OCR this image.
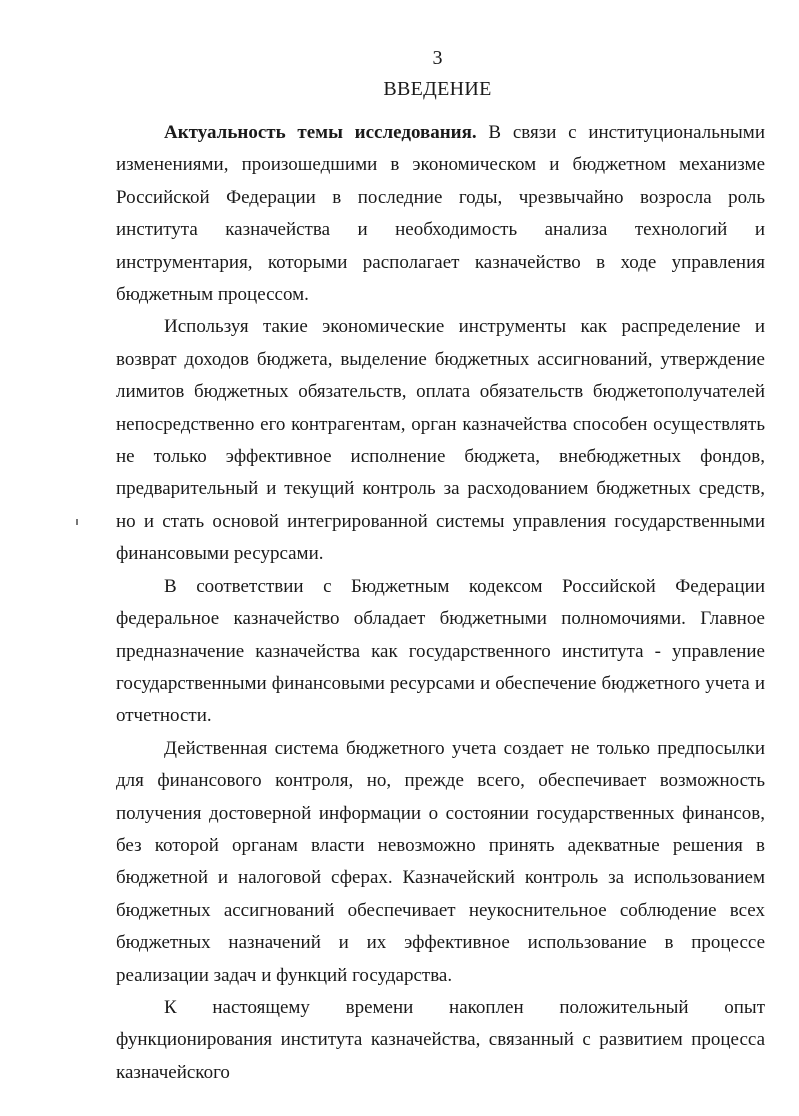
3
ВВЕДЕНИЕ

Актуальность темы исследования. В связи с институциональными изменениями, произошедшими в экономическом и бюджетном механизме Российской Федерации в последние годы, чрезвычайно возросла роль института казначейства и необходимость анализа технологий и инструментария, которыми располагает казначейство в ходе управления бюджетным процессом.

Используя такие экономические инструменты как распределение и возврат доходов бюджета, выделение бюджетных ассигнований, утверждение лимитов бюджетных обязательств, оплата обязательств бюджетополучателей непосредственно его контрагентам, орган казначейства способен осуществлять не только эффективное исполнение бюджета, внебюджетных фондов, предварительный и текущий контроль за расходованием бюджетных средств, но и стать основой интегрированной системы управления государственными финансовыми ресурсами.

В соответствии с Бюджетным кодексом Российской Федерации федеральное казначейство обладает бюджетными полномочиями. Главное предназначение казначейства как государственного института - управление государственными финансовыми ресурсами и обеспечение бюджетного учета и отчетности.

Действенная система бюджетного учета создает не только предпосылки для финансового контроля, но, прежде всего, обеспечивает возможность получения достоверной информации о состоянии государственных финансов, без которой органам власти невозможно принять адекватные решения в бюджетной и налоговой сферах. Казначейский контроль за использованием бюджетных ассигнований обеспечивает неукоснительное соблюдение всех бюджетных назначений и их эффективное использование в процессе реализации задач и функций государства.

К настоящему времени накоплен положительный опыт функционирования института казначейства, связанный с развитием процесса казначейского
